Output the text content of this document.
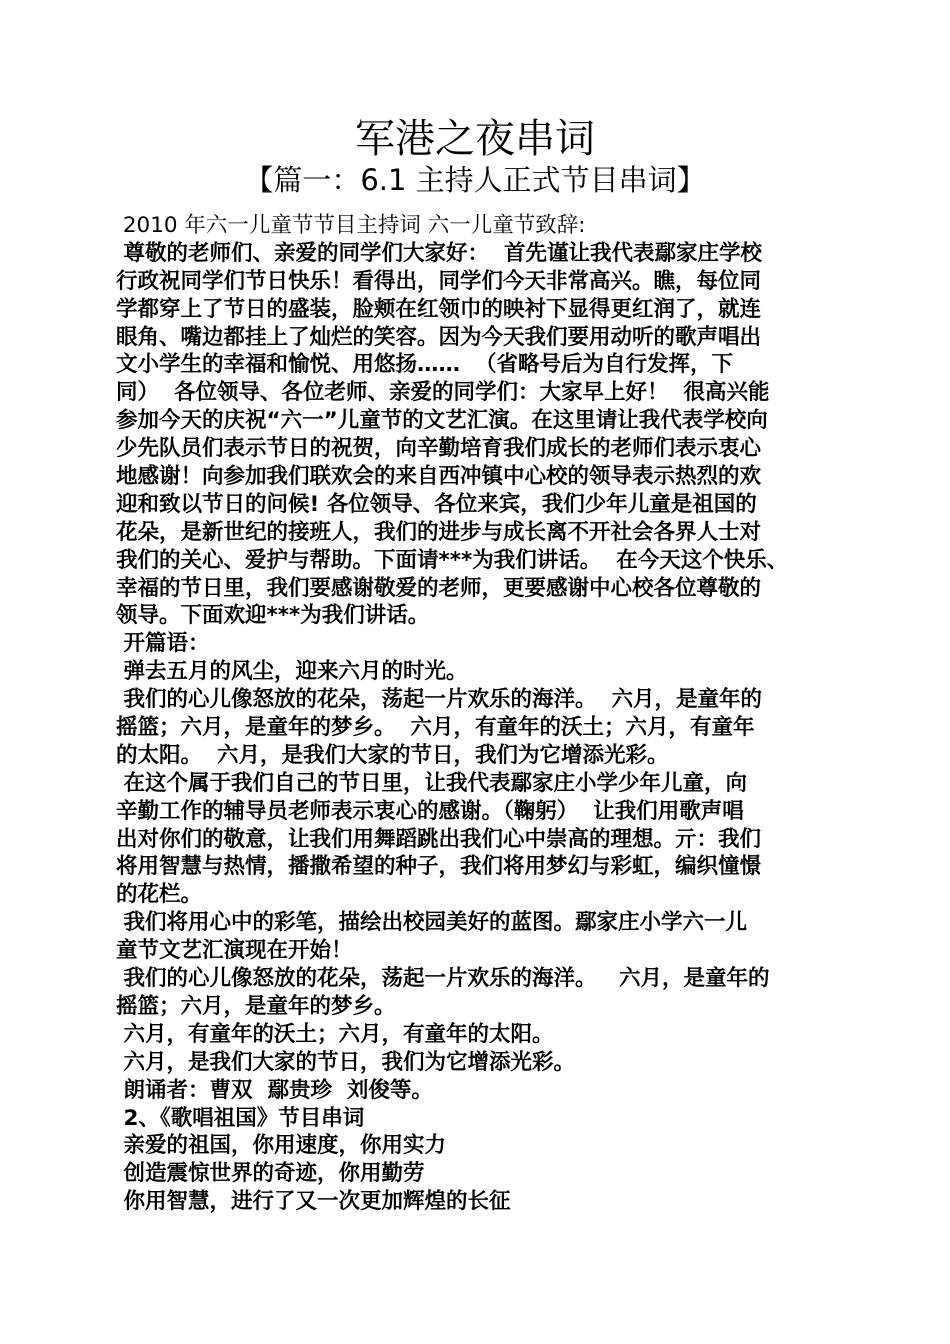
军港之夜串词
【篇一：6.1 主持人正式节目串词】
2010 年六一儿童节节目主持词 六一儿童节致辞:
尊敬的老师们、亲爱的同学们大家好：  首先谨让我代表鄢家庄学校
行政祝同学们节日快乐！看得出，同学们今天非常高兴。瞧，每位同
学都穿上了节日的盛装，脸颊在红领巾的映衬下显得更红润了，就连
眼角、嘴边都挂上了灿烂的笑容。因为今天我们要用动听的歌声唱出
文小学生的幸福和愉悦、用悠扬……  （省略号后为自行发挥，下
同）  各位领导、各位老师、亲爱的同学们：大家早上好！  很高兴能
参加今天的庆祝“六一”儿童节的文艺汇演。在这里请让我代表学校向
少先队员们表示节日的祝贺，向辛勤培育我们成长的老师们表示衷心
地感谢！向参加我们联欢会的来自西冲镇中心校的领导表示热烈的欢
迎和致以节日的问候! 各位领导、各位来宾，我们少年儿童是祖国的
花朵，是新世纪的接班人，我们的进步与成长离不开社会各界人士对
我们的关心、爱护与帮助。下面请***为我们讲话。  在今天这个快乐、
幸福的节日里，我们要感谢敬爱的老师，更要感谢中心校各位尊敬的
领导。下面欢迎***为我们讲话。
开篇语：
弹去五月的风尘，迎来六月的时光。
我们的心儿像怒放的花朵，荡起一片欢乐的海洋。  六月，是童年的
摇篮；六月，是童年的梦乡。  六月，有童年的沃土；六月，有童年
的太阳。  六月，是我们大家的节日，我们为它增添光彩。
在这个属于我们自己的节日里，让我代表鄢家庄小学少年儿童，向
辛勤工作的辅导员老师表示衷心的感谢。（鞠躬）  让我们用歌声唱
出对你们的敬意，让我们用舞蹈跳出我们心中崇高的理想。亓：我们
将用智慧与热情，播撒希望的种子，我们将用梦幻与彩虹，编织憧憬
的花栏。
我们将用心中的彩笔，描绘出校园美好的蓝图。鄢家庄小学六一儿
童节文艺汇演现在开始！
我们的心儿像怒放的花朵，荡起一片欢乐的海洋。   六月，是童年的
摇篮；六月，是童年的梦乡。
六月，有童年的沃土；六月，有童年的太阳。
六月，是我们大家的节日，我们为它增添光彩。
朗诵者：曹双  鄢贵珍  刘俊等。
2、《歌唱祖国》节目串词
亲爱的祖国，你用速度，你用实力
创造震惊世界的奇迹，你用勤劳
你用智慧，进行了又一次更加辉煌的长征
